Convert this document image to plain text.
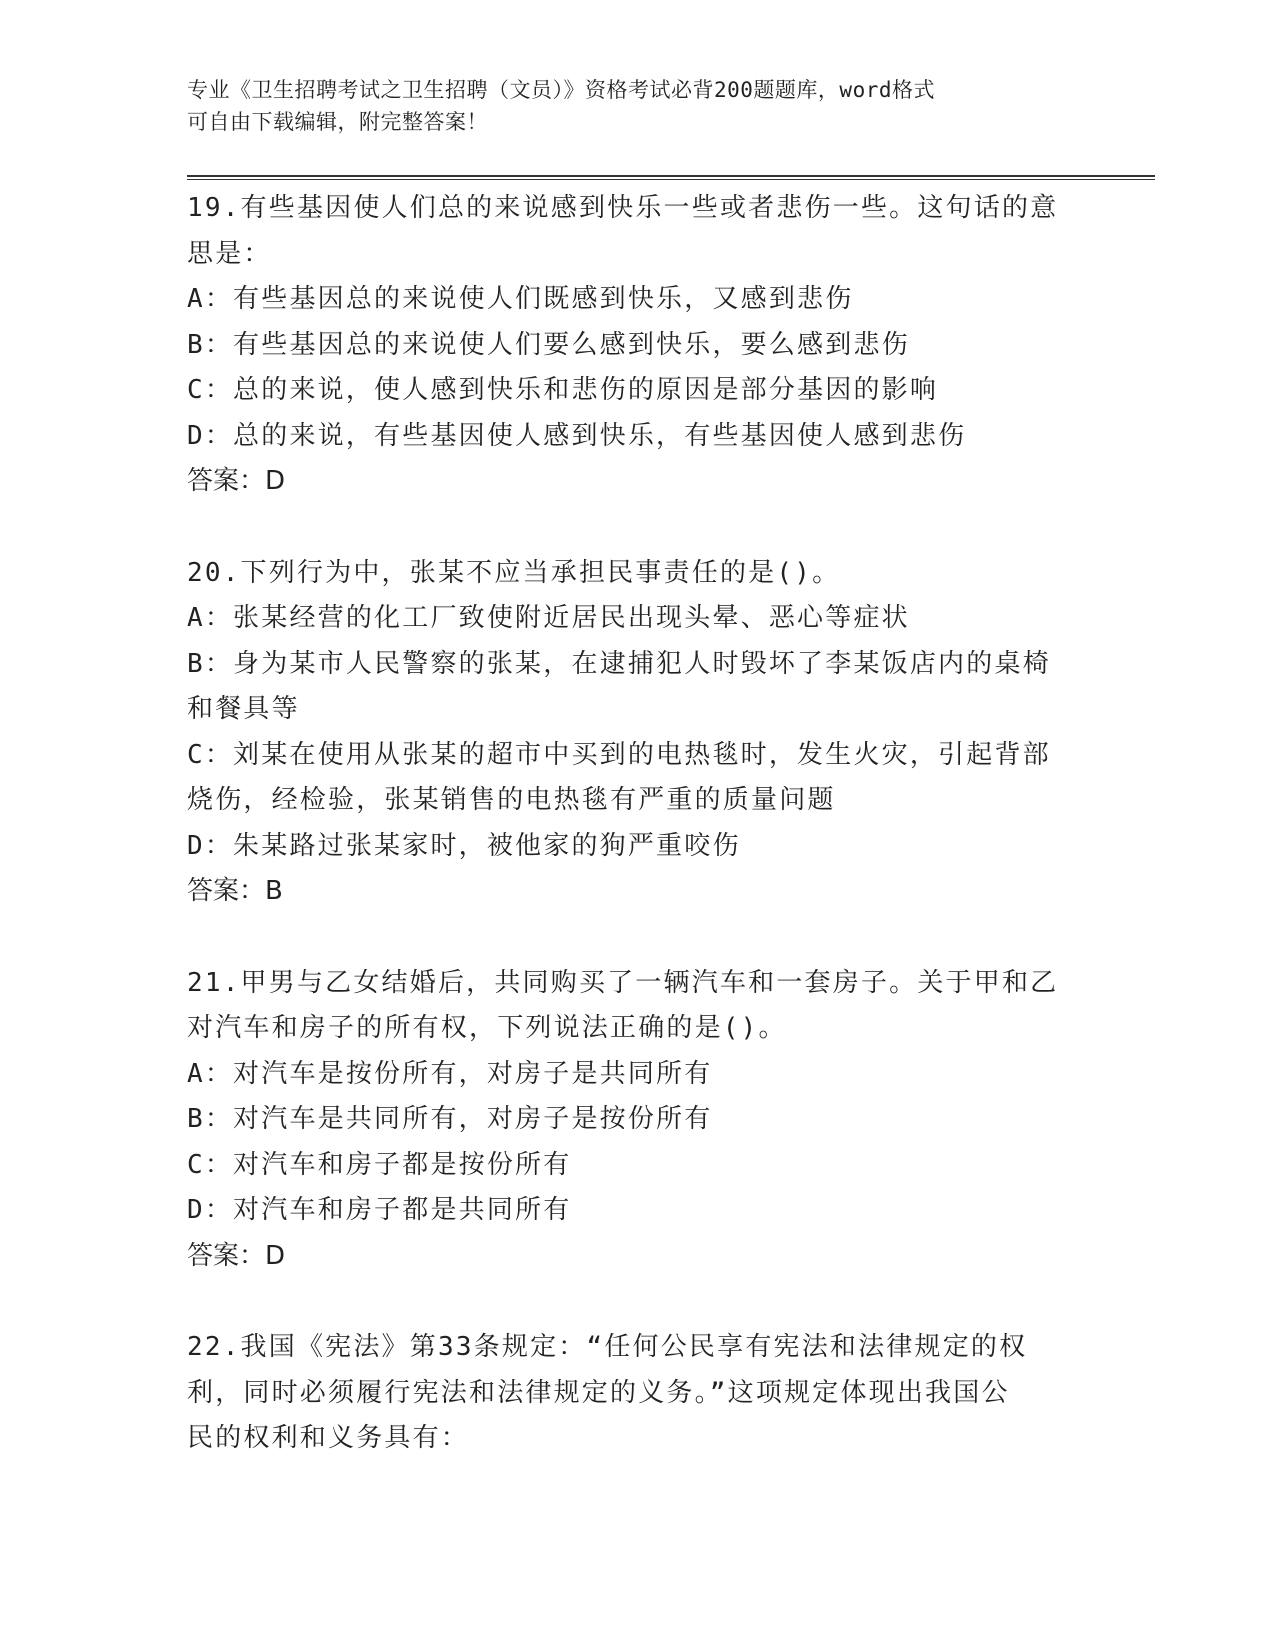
专业《卫生招聘考试之卫生招聘（文员）》资格考试必背200题题库，word格式
可自由下载编辑，附完整答案！

19.有些基因使人们总的来说感到快乐一些或者悲伤一些。这句话的意

思是：

A：有些基因总的来说使人们既感到快乐，又感到悲伤

B：有些基因总的来说使人们要么感到快乐，要么感到悲伤

C：总的来说，使人感到快乐和悲伤的原因是部分基因的影响

D：总的来说，有些基因使人感到快乐，有些基因使人感到悲伤

答案：D

20.下列行为中，张某不应当承担民事责任的是()。

A：张某经营的化工厂致使附近居民出现头晕、恶心等症状

B：身为某市人民警察的张某，在逮捕犯人时毁坏了李某饭店内的桌椅

和餐具等

C：刘某在使用从张某的超市中买到的电热毯时，发生火灾，引起背部

烧伤，经检验，张某销售的电热毯有严重的质量问题

D：朱某路过张某家时，被他家的狗严重咬伤

答案：B

21.甲男与乙女结婚后，共同购买了一辆汽车和一套房子。关于甲和乙

对汽车和房子的所有权，下列说法正确的是()。

A：对汽车是按份所有，对房子是共同所有

B：对汽车是共同所有，对房子是按份所有

C：对汽车和房子都是按份所有

D：对汽车和房子都是共同所有

答案：D

22.我国《宪法》第33条规定：“任何公民享有宪法和法律规定的权

利，同时必须履行宪法和法律规定的义务。”这项规定体现出我国公

民的权利和义务具有：
